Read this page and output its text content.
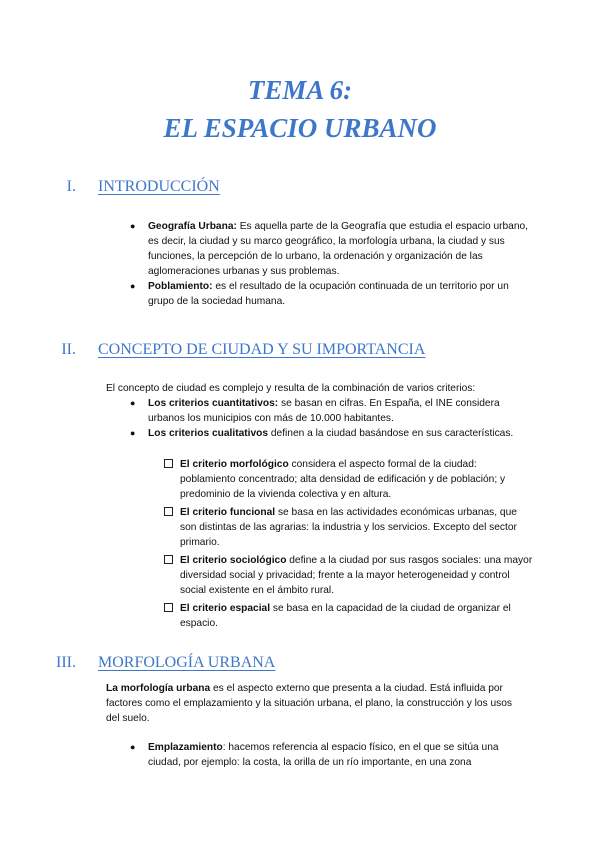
TEMA 6:
EL ESPACIO URBANO
I.	INTRODUCCIÓN
● Geografía Urbana: Es aquella parte de la Geografía que estudia el espacio urbano, es decir, la ciudad y su marco geográfico, la morfología urbana, la ciudad y sus funciones, la percepción de lo urbano, la ordenación y organización de las aglomeraciones urbanas y sus problemas.
● Poblamiento: es el resultado de la ocupación continuada de un territorio por un grupo de la sociedad humana.
II.	CONCEPTO DE CIUDAD Y SU IMPORTANCIA
El concepto de ciudad es complejo y resulta de la combinación de varios criterios:
● Los criterios cuantitativos: se basan en cifras. En España, el INE considera urbanos los municipios con más de 10.000 habitantes.
● Los criterios cualitativos definen a la ciudad basándose en sus características.
El criterio morfológico considera el aspecto formal de la ciudad: poblamiento concentrado; alta densidad de edificación y de población; y predominio de la vivienda colectiva y en altura.
El criterio funcional se basa en las actividades económicas urbanas, que son distintas de las agrarias: la industria y los servicios. Excepto del sector primario.
El criterio sociológico define a la ciudad por sus rasgos sociales: una mayor diversidad social y privacidad; frente a la mayor heterogeneidad y control social existente en el ámbito rural.
El criterio espacial se basa en la capacidad de la ciudad de organizar el espacio.
III.	MORFOLOGÍA URBANA
La morfología urbana es el aspecto externo que presenta a la ciudad. Está influida por factores como el emplazamiento y la situación urbana, el plano, la construcción y los usos del suelo.
● Emplazamiento: hacemos referencia al espacio físico, en el que se sitúa una ciudad, por ejemplo: la costa, la orilla de un río importante, en una zona
